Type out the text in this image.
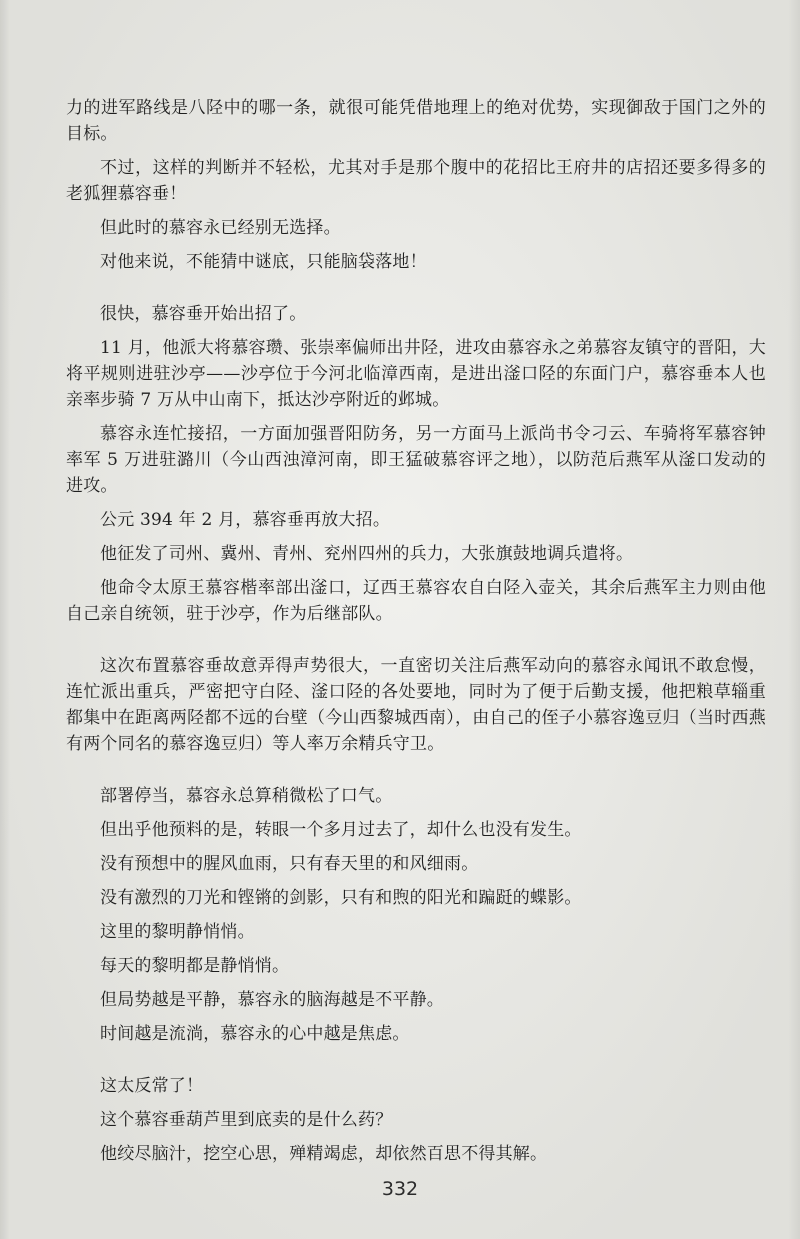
力的进军路线是八陉中的哪一条，就很可能凭借地理上的绝对优势，实现御敌于国门之外的目标。

不过，这样的判断并不轻松，尤其对手是那个腹中的花招比王府井的店招还要多得多的老狐狸慕容垂！

但此时的慕容永已经别无选择。

对他来说，不能猜中谜底，只能脑袋落地！

很快，慕容垂开始出招了。

11 月，他派大将慕容瓒、张崇率偏师出井陉，进攻由慕容永之弟慕容友镇守的晋阳，大将平规则进驻沙亭——沙亭位于今河北临漳西南，是进出滏口陉的东面门户，慕容垂本人也亲率步骑 7 万从中山南下，抵达沙亭附近的邺城。

慕容永连忙接招，一方面加强晋阳防务，另一方面马上派尚书令刁云、车骑将军慕容钟率军 5 万进驻潞川（今山西浊漳河南，即王猛破慕容评之地），以防范后燕军从滏口发动的进攻。

公元 394 年 2 月，慕容垂再放大招。

他征发了司州、冀州、青州、兖州四州的兵力，大张旗鼓地调兵遣将。

他命令太原王慕容楷率部出滏口，辽西王慕容农自白陉入壶关，其余后燕军主力则由他自己亲自统领，驻于沙亭，作为后继部队。

这次布置慕容垂故意弄得声势很大，一直密切关注后燕军动向的慕容永闻讯不敢怠慢，连忙派出重兵，严密把守白陉、滏口陉的各处要地，同时为了便于后勤支援，他把粮草辎重都集中在距离两陉都不远的台壁（今山西黎城西南），由自己的侄子小慕容逸豆归（当时西燕有两个同名的慕容逸豆归）等人率万余精兵守卫。

部署停当，慕容永总算稍微松了口气。

但出乎他预料的是，转眼一个多月过去了，却什么也没有发生。

没有预想中的腥风血雨，只有春天里的和风细雨。

没有激烈的刀光和铿锵的剑影，只有和煦的阳光和蹁跹的蝶影。

这里的黎明静悄悄。

每天的黎明都是静悄悄。

但局势越是平静，慕容永的脑海越是不平静。

时间越是流淌，慕容永的心中越是焦虑。

这太反常了！

这个慕容垂葫芦里到底卖的是什么药？

他绞尽脑汁，挖空心思，殚精竭虑，却依然百思不得其解。

332
